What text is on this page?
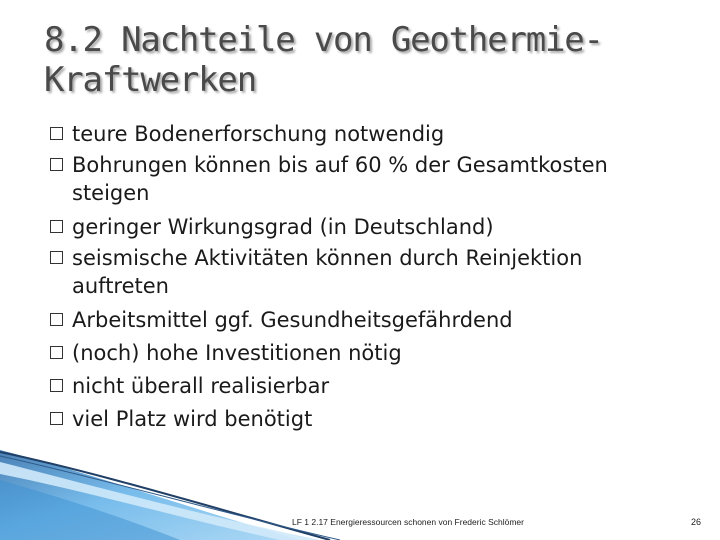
8.2 Nachteile von Geothermie-Kraftwerken
teure Bodenerforschung notwendig
Bohrungen können bis auf 60 % der Gesamtkosten steigen
geringer Wirkungsgrad (in Deutschland)
seismische Aktivitäten können durch Reinjektion auftreten
Arbeitsmittel ggf. Gesundheitsgefährdend
(noch) hohe Investitionen nötig
nicht überall realisierbar
viel Platz wird benötigt
LF 1 2.17 Energieressourcen schonen von Frederic Schlömer	26
